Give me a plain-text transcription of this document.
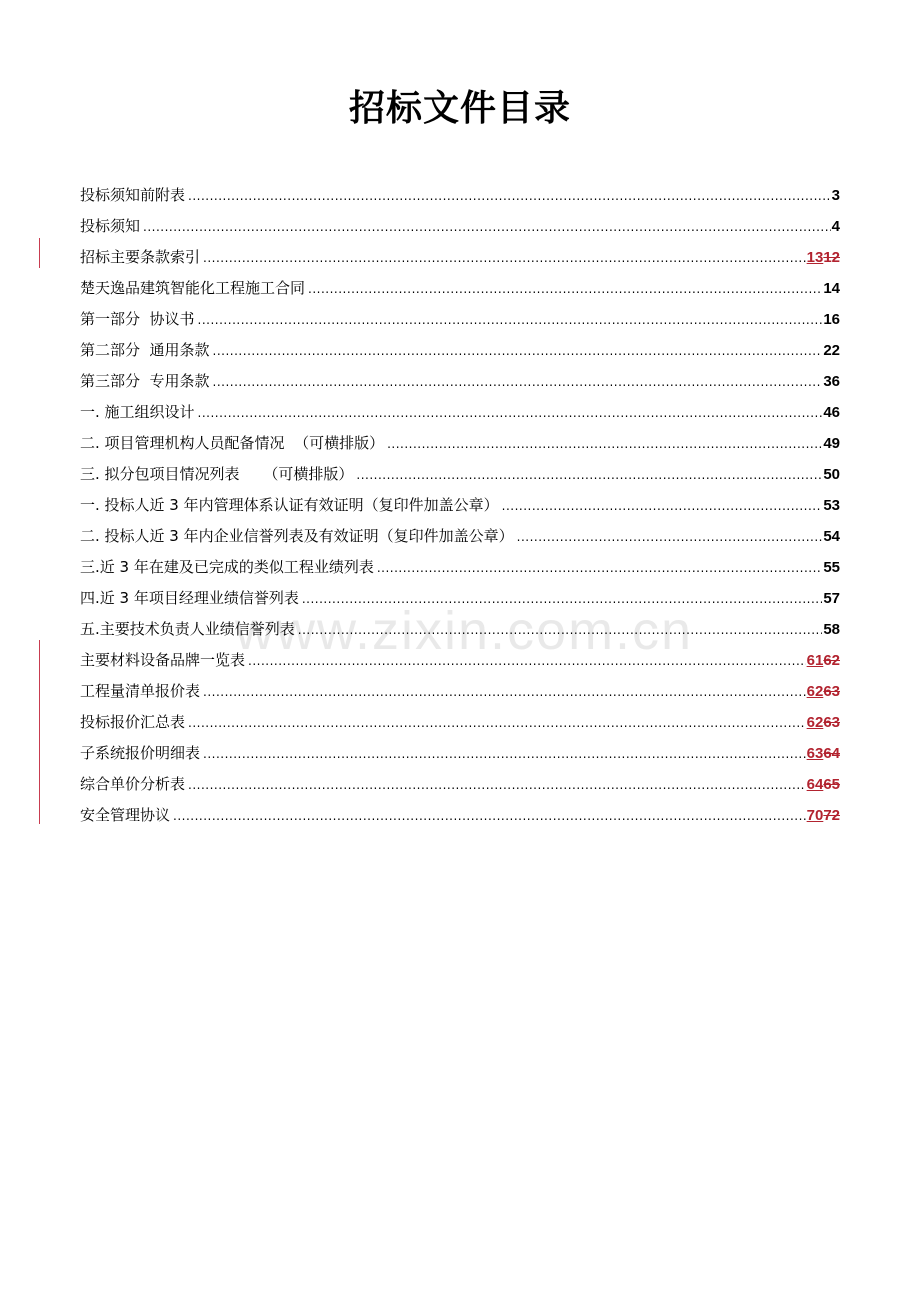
招标文件目录
www.zixin.com.cn
投标须知前附表 .....	3
投标须知 .....	4
招标主要条款索引 .....	1312
楚天逸品建筑智能化工程施工合同 .....	14
第一部分  协议书 .....	16
第二部分  通用条款 .....	22
第三部分  专用条款 .....	36
一. 施工组织设计 .....	46
二. 项目管理机构人员配备情况  （可横排版） .....	49
三. 拟分包项目情况列表     （可横排版） .....	50
一. 投标人近 3 年内管理体系认证有效证明（复印件加盖公章） .....	53
二. 投标人近 3 年内企业信誉列表及有效证明（复印件加盖公章） .....	54
三.近 3 年在建及已完成的类似工程业绩列表 .....	55
四.近 3 年项目经理业绩信誉列表 .....	57
五.主要技术负责人业绩信誉列表 .....	58
主要材料设备品牌一览表 .....	6162
工程量清单报价表 .....	6263
投标报价汇总表 .....	6263
子系统报价明细表 .....	6364
综合单价分析表 .....	6465
安全管理协议 .....	7072
